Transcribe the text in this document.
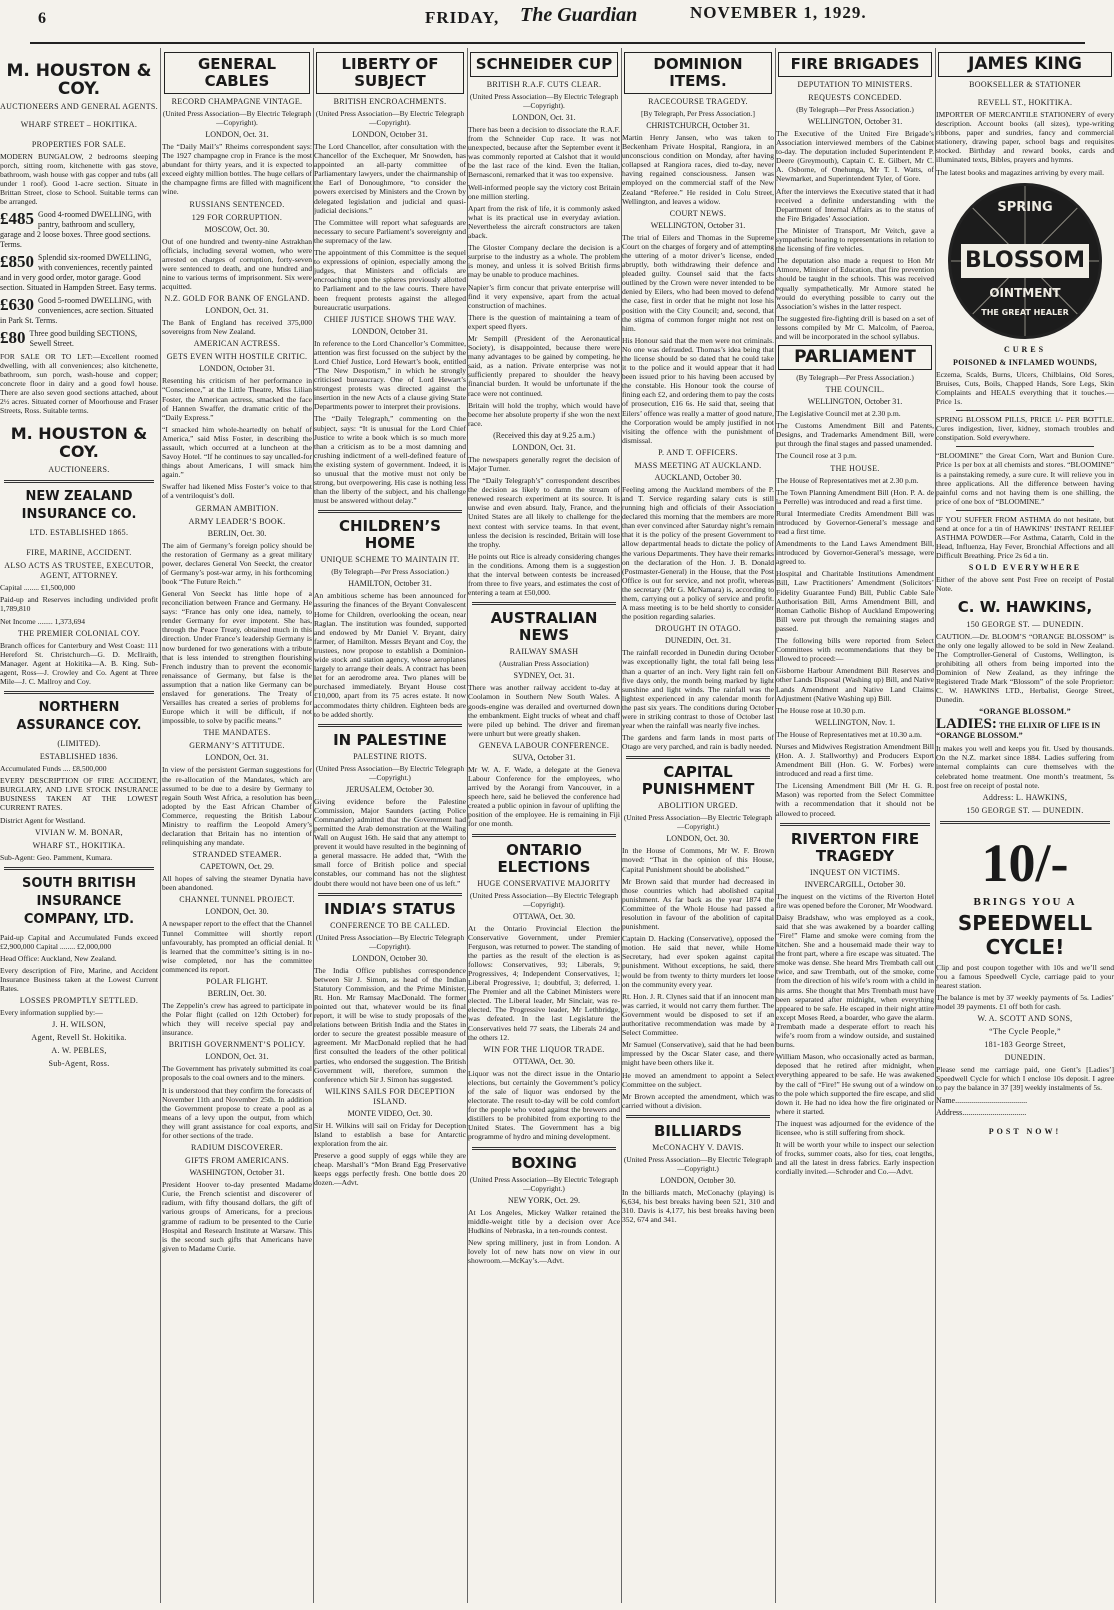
6	FRIDAY, The Guardian	NOVEMBER 1, 1929.
M. HOUSTON & COY.
AUCTIONEERS AND GENERAL AGENTS.
WHARF STREET – HOKITIKA.
PROPERTIES FOR SALE.

MODERN BUNGALOW, 2 bedrooms sleeping porch, sitting room, kitchenette with gas stove, bathroom, wash house with gas copper and tubs (all under 1 roof). Good 1-acre section. Situate in Brittan Street, close to School. Suitable terms can be arranged.

£485 Good 4-roomed DWELLING, with pantry, bathroom and scullery, garage and 2 loose boxes. Three good sections. Terms.
£850 Splendid six-roomed DWELLING, with conveniences, recently painted and in very good order, motor garage. Good section. Situated in Hampden Street. Easy terms.
£630 Good 5-roomed DWELLING, with conveniences, acre section. Situated in Park St. Terms.
£80 Three good building SECTIONS, Sewell Street.

FOR SALE OR TO LET:—Excellent roomed dwelling, with all conveniences; also kitchenette, bathroom, sun porch, wash-house and copper; concrete floor in dairy and a good fowl house. There are also seven good sections attached, about 2½ acres. Situated corner of Moorhouse and Fraser Streets, Ross. Suitable terms.

M. HOUSTON & COY.
AUCTIONEERS.
NEW ZEALAND INSURANCE CO.
LTD. ESTABLISHED 1865.
FIRE, MARINE, ACCIDENT.
ALSO ACTS AS TRUSTEE, EXECUTOR, AGENT, ATTORNEY.

Capital ........ £1,500,000

Paid-up and Reserves including undivided profit 1,789,810

Net Income ........ 1,373,694

THE PREMIER COLONIAL COY.

Branch offices for Canterbury and West Coast: 111 Hereford St. Christchurch—G. D. McIlraith, Manager. Agent at Hokitika—A. B. King. Sub-agent, Ross—J. Crowley and Co. Agent at Three Mile—J. C. Mallroy and Coy.

NORTHERN ASSURANCE COY.
(LIMITED).
ESTABLISHED 1836.

Accumulated Funds .... £8,500,000

EVERY DESCRIPTION OF FIRE ACCIDENT, BURGLARY, AND LIVE STOCK INSURANCE BUSINESS TAKEN AT THE LOWEST CURRENT RATES.

District Agent for Westland.

VIVIAN W. M. BONAR,
WHARF ST., HOKITIKA.

Sub-Agent: Geo. Pamment, Kumara.

SOUTH BRITISH INSURANCE COMPANY, LTD.

Paid-up Capital and Accumulated Funds exceed £2,900,000 Capital ........ £2,000,000

Head Office: Auckland, New Zealand.

Every description of Fire, Marine, and Accident Insurance Business taken at the Lowest Current Rates.

LOSSES PROMPTLY SETTLED.

Every information supplied by:—

J. H. WILSON,
Agent, Revell St. Hokitika.
A. W. PEBLES,
Sub-Agent, Ross.
GENERAL CABLES
RECORD CHAMPAGNE VINTAGE.
(United Press Association—By Electric Telegraph—Copyright).
LONDON, Oct. 31.

The “Daily Mail’s” Rheims correspondent says: The 1927 champagne crop in France is the most abundant for thirty years, and it is expected to exceed eighty million bottles. The huge cellars of the champagne firms are filled with magnificent wine.

RUSSIANS SENTENCED.
129 FOR CORRUPTION.
MOSCOW, Oct. 30.

Out of one hundred and twenty-nine Astrakhan officials, including several women, who were arrested on charges of corruption, forty-seven were sentenced to death, and one hundred and nine to various terms of imprisonment. Six were acquitted.

N.Z. GOLD FOR BANK OF ENGLAND.
LONDON, Oct. 31.

The Bank of England has received 375,000 sovereigns from New Zealand.

AMERICAN ACTRESS.
GETS EVEN WITH HOSTILE CRITIC.
LONDON, October 31.

Resenting his criticism of her performance in “Conscience,” at the Little Theatre, Miss Lilian Foster, the American actress, smacked the face of Hannen Swaffer, the dramatic critic of the “Daily Express.”

“I smacked him whole-heartedly on behalf of America,” said Miss Foster, in describing the assault, which occurred at a luncheon at the Savoy Hotel. “If he continues to say uncalled-for things about Americans, I will smack him again.”

Swaffer had likened Miss Foster’s voice to that of a ventriloquist’s doll.

GERMAN AMBITION.
ARMY LEADER’S BOOK.
BERLIN, Oct. 30.

The aim of Germany’s foreign policy should be the restoration of Germany as a great military power, declares General Von Seeckt, the creator of Germany’s post-war army, in his forthcoming book “The Future Reich.”

General Von Seeckt has little hope of a reconciliation between France and Germany. He says: “France has only one idea, namely, to render Germany for ever impotent. She has, through the Peace Treaty, obtained much in this direction. Under France’s leadership Germany is now burdened for two generations with a tribute that is less intended to strengthen flourishing French industry than to prevent the economic renaissance of Germany, but false is the assumption that a nation like Germany can be enslaved for generations. The Treaty of Versailles has created a series of problems for Europe which it will be difficult, if not impossible, to solve by pacific means.”

THE MANDATES.
GERMANY’S ATTITUDE.
LONDON, Oct. 31.

In view of the persistent German suggestions for the re-allocation of the Mandates, which are assumed to be due to a desire by Germany to regain South West Africa, a resolution has been adopted by the East African Chamber of Commerce, requesting the British Labour Ministry to reaffirm the Leopold Amery’s declaration that Britain has no intention of relinquishing any mandate.

STRANDED STEAMER.
CAPETOWN, Oct. 29.

All hopes of salving the steamer Dynatia have been abandoned.

CHANNEL TUNNEL PROJECT.
LONDON, Oct. 30.

A newspaper report to the effect that the Channel Tunnel Committee will shortly report unfavourably, has prompted an official denial. It is learned that the committee’s sitting is in no-wise completed, nor has the committee commenced its report.

POLAR FLIGHT.
BERLIN, Oct. 30.

The Zeppelin’s crew has agreed to participate in the Polar flight (called on 12th October) for which they will receive special pay and insurance.

BRITISH GOVERNMENT’S POLICY.
LONDON, Oct. 31.

The Government has privately submitted its coal proposals to the coal owners and to the miners.

It is understood that they confirm the forecasts of November 11th and November 25th. In addition the Government propose to create a pool as a means of a levy upon the output, from which they will grant assistance for coal exports, and for other sections of the trade.

RADIUM DISCOVERER.
GIFTS FROM AMERICANS.
WASHINGTON, October 31.

President Hoover to-day presented Madame Curie, the French scientist and discoverer of radium, with fifty thousand dollars, the gift of various groups of Americans, for a precious gramme of radium to be presented to the Curie Hospital and Research Institute at Warsaw. This is the second such gifts that Americans have given to Madame Curie.

LIBERTY OF SUBJECT
BRITISH ENCROACHMENTS.
(United Press Association—By Electric Telegraph—Copyright).
LONDON, October 31.

The Lord Chancellor, after consultation with the Chancellor of the Exchequer, Mr Snowden, has appointed an all-party committee of Parliamentary lawyers, under the chairmanship of the Earl of Donoughmore, “to consider the powers exercised by Ministers and the Crown by delegated legislation and judicial and quasi-judicial decisions.”

The Committee will report what safeguards are necessary to secure Parliament’s sovereignty and the supremacy of the law.

The appointment of this Committee is the sequel to expressions of opinion, especially among the judges, that Ministers and officials are encroaching upon the spheres previously allotted to Parliament and to the law courts. There have been frequent protests against the alleged bureaucratic usurpations.

CHIEF JUSTICE SHOWS THE WAY.
LONDON, October 31.

In reference to the Lord Chancellor’s Committee, attention was first focussed on the subject by the Lord Chief Justice, Lord Hewart’s book, entitled “The New Despotism,” in which he strongly criticised bureaucracy. One of Lord Hewart’s strongest protests was directed against the insertion in the new Acts of a clause giving State Departments power to interpret their provisions.

The “Daily Telegraph,” commenting on the subject, says: “It is unusual for the Lord Chief Justice to write a book which is so much more than a criticism as to be a most damning and crushing indictment of a well-defined feature of the existing system of government. Indeed, it is so unusual that the motive must not only be strong, but overpowering. His case is nothing less than the liberty of the subject, and his challenge must be answered without delay.”

CHILDREN’S HOME
UNIQUE SCHEME TO MAINTAIN IT.
(By Telegraph—Per Press Association.)
HAMILTON, October 31.

An ambitious scheme has been announced for assuring the finances of the Bryant Convalescent Home for Children, overlooking the ocean, near Raglan. The institution was founded, supported and endowed by Mr Daniel V. Bryant, dairy farmer, of Hamilton. Messrs Bryant and Coy, the trustees, now propose to establish a Dominion-wide stock and station agency, whose aeroplanes largely to arrange their deals. A contract has been let for an aerodrome area. Two planes will be purchased immediately. Bryant House cost £10,000, apart from its 75 acres estate. It now accommodates thirty children. Eighteen beds are to be added shortly.

IN PALESTINE
PALESTINE RIOTS.
(United Press Association—By Electric Telegraph—Copyright.)
JERUSALEM, October 30.

Giving evidence before the Palestine Commission, Major Saunders (acting Police Commander) admitted that the Government had permitted the Arab demonstration at the Wailing Wall on August 16th. He said that any attempt to prevent it would have resulted in the beginning of a general massacre. He added that, “With the small force of British police and special constables, our command has not the slightest doubt there would not have been one of us left.”

INDIA’S STATUS
CONFERENCE TO BE CALLED.
(United Press Association—By Electric Telegraph—Copyright).
LONDON, October 30.

The India Office publishes correspondence between Sir J. Simon, as head of the Indian Statutory Commission, and the Prime Minister, Rt. Hon. Mr Ramsay MacDonald. The former pointed out that, whatever would be its final report, it will be wise to study proposals of the relations between British India and the States in order to secure the greatest possible measure of agreement. Mr MacDonald replied that he had first consulted the leaders of the other political parties, who endorsed the suggestion. The British Government will, therefore, summon the conference which Sir J. Simon has suggested.

WILKINS SAILS FOR DECEPTION ISLAND.
MONTE VIDEO, Oct. 30.

Sir H. Wilkins will sail on Friday for Deception Island to establish a base for Antarctic exploration from the air.

Preserve a good supply of eggs while they are cheap. Marshall’s “Mon Brand Egg Preservative keeps eggs perfectly fresh. One bottle does 20 dozen.—Advt.

SCHNEIDER CUP
BRITISH R.A.F. CUTS CLEAR.
(United Press Association—By Electric Telegraph—Copyright).
LONDON, Oct. 31.

There has been a decision to dissociate the R.A.F. from the Schneider Cup race. It was not unexpected, because after the September event it was commonly reported at Calshot that it would be the last race of the kind. Even the Italian, Bernasconi, remarked that it was too expensive.

Well-informed people say the victory cost Britain one million sterling.

Apart from the risk of life, it is commonly asked what is its practical use in everyday aviation. Nevertheless the aircraft constructors are taken aback.

The Gloster Company declare the decision is a surprise to the industry as a whole. The problem is money, and unless it is solved British firms may be unable to produce machines.

Napier’s firm concur that private enterprise will find it very expensive, apart from the actual construction of machines.

There is the question of maintaining a team of expert speed flyers.

Mr Sempill (President of the Aeronautical Society), is disappointed, because there were many advantages to be gained by competing, he said, as a nation. Private enterprise was not sufficiently prepared to shoulder the heavy financial burden. It would be unfortunate if the race were not continued.

Britain will hold the trophy, which would have become her absolute property if she won the next race.

(Received this day at 9.25 a.m.)
LONDON, Oct. 31.

The newspapers generally regret the decision of Major Turner.

The “Daily Telegraph’s” correspondent describes the decision as likely to damn the stream of renewed research experiment at its source. It is unwise and even absurd. Italy, France, and the United States are all likely to challenge for the next contest with service teams. In that event, unless the decision is rescinded, Britain will lose the trophy.

He points out Rice is already considering changes in the conditions. Among them is a suggestion that the interval between contests be increased from three to five years, and estimates the cost of entering a team at £50,000.

AUSTRALIAN NEWS
RAILWAY SMASH
(Australian Press Association)
SYDNEY, Oct. 31.

There was another railway accident to-day at Coolamon in Southern New South Wales. A goods-engine was derailed and overturned down the embankment. Eight trucks of wheat and chaff were piled up behind. The driver and fireman were unhurt but were greatly shaken.

GENEVA LABOUR CONFERENCE.
SUVA, October 31.

Mr W. A. F. Wade, a delegate at the Geneva Labour Conference for the employees, who arrived by the Aorangi from Vancouver, in a speech here, said he believed the conference had created a public opinion in favour of uplifting the position of the employee. He is remaining in Fiji for one month.

ONTARIO ELECTIONS
HUGE CONSERVATIVE MAJORITY
(United Press Association—By Electric Telegraph—Copyright).
OTTAWA, Oct. 30.

At the Ontario Provincial Election the Conservative Government, under Premier Ferguson, was returned to power. The standing of the parties as the result of the election is as follows: Conservatives, 93; Liberals, 9; Progressives, 4; Independent Conservatives, 1; Liberal Progressive, 1; doubtful, 3; deferred, 1. The Premier and all the Cabinet Ministers were elected. The Liberal leader, Mr Sinclair, was re-elected. The Progressive leader, Mr Lethbridge, was defeated. In the last Legislature the Conservatives held 77 seats, the Liberals 24 and the others 12.

WIN FOR THE LIQUOR TRADE.
OTTAWA, Oct. 30.

Liquor was not the direct issue in the Ontario elections, but certainly the Government’s policy of the sale of liquor was endorsed by the electorate. The result to-day will be cold comfort for the people who voted against the brewers and distillers to be prohibited from exporting to the United States. The Government has a big programme of hydro and mining development.

BOXING
(United Press Association—By Electric Telegraph—Copyright.)
NEW YORK, Oct. 29.

At Los Angeles, Mickey Walker retained the middle-weight title by a decision over Ace Hudkins of Nebraska, in a ten-rounds contest.

New spring millinery, just in from London. A lovely lot of new hats now on view in our showroom.—McKay’s.—Advt.

DOMINION ITEMS.
RACECOURSE TRAGEDY.
[By Telegraph, Per Press Association.]
CHRISTCHURCH, October 31.

Martin Henry Jansen, who was taken to Beckenham Private Hospital, Rangiora, in an unconscious condition on Monday, after having collapsed at Rangiora races, died to-day, never having regained consciousness. Jansen was employed on the commercial staff of the New Zealand “Referee.” He resided in Colu Street, Wellington, and leaves a widow.

COURT NEWS.
WELLINGTON, October 31.

The trial of Eilers and Thomas in the Supreme Court on the charges of forgery and of attempting the uttering of a motor driver’s license, ended abruptly, both withdrawing their defence and pleaded guilty. Counsel said that the facts outlined by the Crown were never intended to be denied by Eilers, who had been moved to defend the case, first in order that he might not lose his position with the City Council; and, second, that the stigma of common forger might not rest on him.

His Honour said that the men were not criminals. No one was defrauded. Thomas’s idea being that the license should be so dated that he could take it to the police and it would appear that it had been issued prior to his having been accused by the constable. His Honour took the course of fining each £2, and ordering them to pay the costs of prosecution, £16 6s. He said that, seeing that Eilers’ offence was really a matter of good nature, the Corporation would be amply justified in not visiting the offence with the punishment of dismissal.

P. AND T. OFFICERS.
MASS MEETING AT AUCKLAND.
AUCKLAND, October 30.

Feeling among the Auckland members of the P. and T. Service regarding salary cuts is still running high and officials of their Association declared this morning that the members are more than ever convinced after Saturday night’s remain that it is the policy of the present Government to allow departmental heads to dictate the policy of the various Departments. They have their remarks on the declaration of the Hon. J. B. Donald (Postmaster-General) in the House, that the Post Office is out for service, and not profit, whereas the secretary (Mr G. McNamara) is, according to them, carrying out a policy of service and profit. A mass meeting is to be held shortly to consider the position regarding salaries.

DROUGHT IN OTAGO.
DUNEDIN, Oct. 31.

The rainfall recorded in Dunedin during October was exceptionally light, the total fall being less than a quarter of an inch. Very light rain fell on five days only, the month being marked by light sunshine and light winds. The rainfall was the lightest experienced in any calendar month for the past six years. The conditions during October were in striking contrast to those of October last year when the rainfall was nearly five inches.

The gardens and farm lands in most parts of Otago are very parched, and rain is badly needed.

CAPITAL PUNISHMENT
ABOLITION URGED.
(United Press Association—By Electric Telegraph—Copyright.)
LONDON, Oct. 30.

In the House of Commons, Mr W. F. Brown moved: “That in the opinion of this House, Capital Punishment should be abolished.”

Mr Brown said that murder had decreased in those countries which had abolished capital punishment. As far back as the year 1874 the Committee of the Whole House had passed a resolution in favour of the abolition of capital punishment.

Captain D. Hacking (Conservative), opposed the motion. He said that never, while Home Secretary, had ever spoken against capital punishment. Without exceptions, he said, there would be from twenty to thirty murders let loose on the community every year.

Rt. Hon. J. R. Clynes said that if an innocent man was carried, it would not carry them further. The Government would be disposed to set if an authoritative recommendation was made by a Select Committee.

Mr Samuel (Conservative), said that he had been impressed by the Oscar Slater case, and there might have been others like it.

He moved an amendment to appoint a Select Committee on the subject.

Mr Brown accepted the amendment, which was carried without a division.

BILLIARDS
McCONACHY V. DAVIS.
(United Press Association—By Electric Telegraph—Copyright.)
LONDON, October 30.

In the billiards match, McConachy (playing) is 6,634, his best breaks having been 521, 310 and 310. Davis is 4,177, his best breaks having been 352, 674 and 341.

FIRE BRIGADES
DEPUTATION TO MINISTERS.
REQUESTS CONCEDED.
(By Telegraph—Per Press Association.)
WELLINGTON, October 31.

The Executive of the United Fire Brigade’s Association interviewed members of the Cabinet to-day. The deputation included Superintendent P. Deere (Greymouth), Captain C. E. Gilbert, Mr C. A. Osborne, of Onehunga, Mr T. I. Watts, of Newmarket, and Superintendent Tyler, of Gore.

After the interviews the Executive stated that it had received a definite understanding with the Department of Internal Affairs as to the status of the Fire Brigades’ Association.

The Minister of Transport, Mr Veitch, gave a sympathetic hearing to representations in relation to the licensing of fire vehicles.

The deputation also made a request to Hon Mr Atmore, Minister of Education, that fire prevention should be taught in the schools. This was received equally sympathetically. Mr Atmore stated he would do everything possible to carry out the Association’s wishes in the latter respect.

The suggested fire-fighting drill is based on a set of lessons compiled by Mr C. Malcolm, of Paeroa, and will be incorporated in the school syllabus.

PARLIAMENT
(By Telegraph—Per Press Association.)
THE COUNCIL.
WELLINGTON, October 31.

The Legislative Council met at 2.30 p.m.

The Customs Amendment Bill and Patents, Designs, and Trademarks Amendment Bill, were put through the final stages and passed unamended.

The Council rose at 3 p.m.

THE HOUSE.

The House of Representatives met at 2.30 p.m.

The Town Planning Amendment Bill (Hon. P. A. de la Perrelle) was introduced and read a first time.

Rural Intermediate Credits Amendment Bill was introduced by Governor-General’s message and read a first time.

Amendments to the Land Laws Amendment Bill, introduced by Governor-General’s message, were agreed to.

Hospital and Charitable Institutions Amendment Bill, Law Practitioners’ Amendment (Solicitors’ Fidelity Guarantee Fund) Bill, Public Cable Sale Authorisation Bill, Arms Amendment Bill, and Roman Catholic Bishop of Auckland Empowering Bill were put through the remaining stages and passed.

The following bills were reported from Select Committees with recommendations that they be allowed to proceed:—

Gisborne Harbour Amendment Bill Reserves and other Lands Disposal (Washing up) Bill, and Native Lands Amendment and Native Land Claims Adjustment (Native Washing up) Bill.

The House rose at 10.30 p.m.

WELLINGTON, Nov. 1.

The House of Representatives met at 10.30 a.m.

Nurses and Midwives Registration Amendment Bill (Hon. A. J. Stallworthy) and Producers Export Amendment Bill (Hon. G. W. Forbes) were introduced and read a first time.

The Licensing Amendment Bill (Mr H. G. R. Mason) was reported from the Select Committee with a recommendation that it should not be allowed to proceed.

RIVERTON FIRE TRAGEDY
INQUEST ON VICTIMS.
INVERCARGILL, October 30.

The inquest on the victims of the Riverton Hotel fire was opened before the Coroner, Mr Woodward.

Daisy Bradshaw, who was employed as a cook, said that she was awakened by a boarder calling “Fire!” Flame and smoke were coming from the kitchen. She and a housemaid made their way to the front part, where a fire escape was situated. The smoke was dense. She heard Mrs Trembath call out twice, and saw Trembath, out of the smoke, come from the direction of his wife’s room with a child in his arms. She thought that Mrs Trembath must have been separated after midnight, when everything appeared to be safe. He escaped in their night attire except Moses Reed, a boarder, who gave the alarm. Trembath made a desperate effort to reach his wife’s room from a window outside, and sustained burns.

William Mason, who occasionally acted as barman, deposed that he retired after midnight, when everything appeared to be safe. He was awakened by the call of “Fire!” He swung out of a window on to the pole which supported the fire escape, and slid down it. He had no idea how the fire originated or where it started.

The inquest was adjourned for the evidence of the licensee, who is still suffering from shock.

It will be worth your while to inspect our selection of frocks, summer coats, also for ties, coat lengths, and all the latest in dress fabrics. Early inspection cordially invited.—Schroder and Co.—Advt.

JAMES KING
BOOKSELLER & STATIONER
REVELL ST., HOKITIKA.

IMPORTER OF MERCANTILE STATIONERY of every description. Account books (all sizes), type-writing ribbons, paper and sundries, fancy and commercial stationery, drawing paper, school bags and requisites stocked. Birthday and reward books, cards and illuminated texts, Bibles, prayers and hymns.

The latest books and magazines arriving by every mail.

SPRING
BLOSSOM
OINTMENT
THE GREAT HEALER
CURES
POISONED & INFLAMED WOUNDS,

Eczema, Scalds, Burns, Ulcers, Chilblains, Old Sores, Bruises, Cuts, Boils, Chapped Hands, Sore Legs, Skin Complaints and HEALS everything that it touches.—Price 1s.

SPRING BLOSSOM PILLS, PRICE 1/- PER BOTTLE. Cures indigestion, liver, kidney, stomach troubles and constipation. Sold everywhere.

“BLOOMINE” the Great Corn, Wart and Bunion Cure. Price 1s per box at all chemists and stores. “BLOOMINE” is a painstaking remedy, a sure cure. It will relieve you in three applications. All the difference between having painful corns and not having them is one shilling, the price of one box of “BLOOMINE.”

IF YOU SUFFER FROM ASTHMA do not hesitate, but send at once for a tin of HAWKINS’ INSTANT RELIEF ASTHMA POWDER—For Asthma, Catarrh, Cold in the Head, Influenza, Hay Fever, Bronchial Affections and all Difficult Breathing. Price 2s 6d a tin.

SOLD EVERYWHERE

Either of the above sent Post Free on receipt of Postal Note.

C. W. HAWKINS,
150 GEORGE ST. — DUNEDIN.

CAUTION.—Dr. BLOOM’S “ORANGE BLOSSOM” is the only one legally allowed to be sold in New Zealand. The Comptroller-General of Customs, Wellington, is prohibiting all others from being imported into the Dominion of New Zealand, as they infringe the Registered Trade Mark “Blossom” of the sole Proprietor: C. W. HAWKINS LTD., Herbalist, George Street, Dunedin.

“ORANGE BLOSSOM.”
LADIES: THE ELIXIR OF LIFE IS IN “ORANGE BLOSSOM.”

It makes you well and keeps you fit. Used by thousands. On the N.Z. market since 1884. Ladies suffering from internal complaints can cure themselves with the celebrated home treatment. One month’s treatment, 5s post free on receipt of postal note.

Address: L. HAWKINS,
150 GEORGE ST. — DUNEDIN.
10/-
BRINGS YOU A
SPEEDWELL CYCLE!

Clip and post coupon together with 10s and we’ll send you a famous Speedwell Cycle, carriage paid to your nearest station.

The balance is met by 37 weekly payments of 5s. Ladies’ model 39 payments. £1 off both for cash.

W. A. SCOTT AND SONS,
“The Cycle People,”
181-183 George Street,
DUNEDIN.

Please send me carriage paid, one Gent’s [Ladies’] Speedwell Cycle for which I enclose 10s deposit. I agree to pay the balance in 37 [39] weekly instalments of 5s.

Name....................................
Address................................
POST NOW!
